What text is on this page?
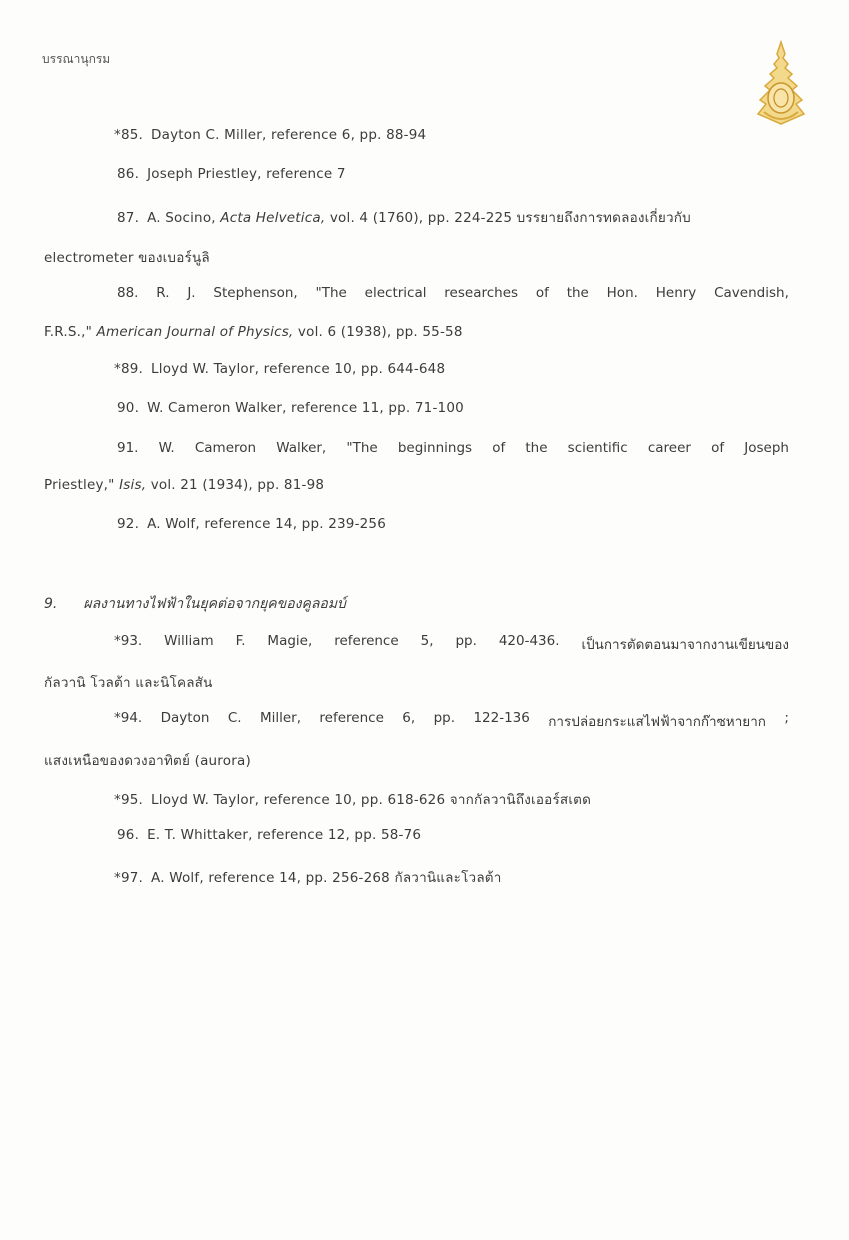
บรรณานุกรม
*85. Dayton C. Miller, reference 6, pp. 88-94
86. Joseph Priestley, reference 7
87. A. Socino, Acta Helvetica, vol. 4 (1760), pp. 224-225 บรรยายถึงการทดลองเกี่ยวกับ
electrometer ของเบอร์นูลิ
88. R. J. Stephenson, "The electrical researches of the Hon. Henry Cavendish,
F.R.S.," American Journal of Physics, vol. 6 (1938), pp. 55-58
*89. Lloyd W. Taylor, reference 10, pp. 644-648
90. W. Cameron Walker, reference 11, pp. 71-100
91. W. Cameron Walker, "The beginnings of the scientific career of Joseph
Priestley," Isis, vol. 21 (1934), pp. 81-98
92. A. Wolf, reference 14, pp. 239-256
9. ผลงานทางไฟฟ้าในยุคต่อจากยุคของคูลอมบ์
*93. William F. Magie, reference 5, pp. 420-436. เป็นการตัดตอนมาจากงานเขียนของ
กัลวานิ โวลต้า และนิโคลสัน
*94. Dayton C. Miller, reference 6, pp. 122-136 การปล่อยกระแสไฟฟ้าจากก๊าซหายาก ;
แสงเหนือของดวงอาทิตย์ (aurora)
*95. Lloyd W. Taylor, reference 10, pp. 618-626 จากกัลวานิถึงเออร์สเตด
96. E. T. Whittaker, reference 12, pp. 58-76
*97. A. Wolf, reference 14, pp. 256-268 กัลวานิและโวลต้า
